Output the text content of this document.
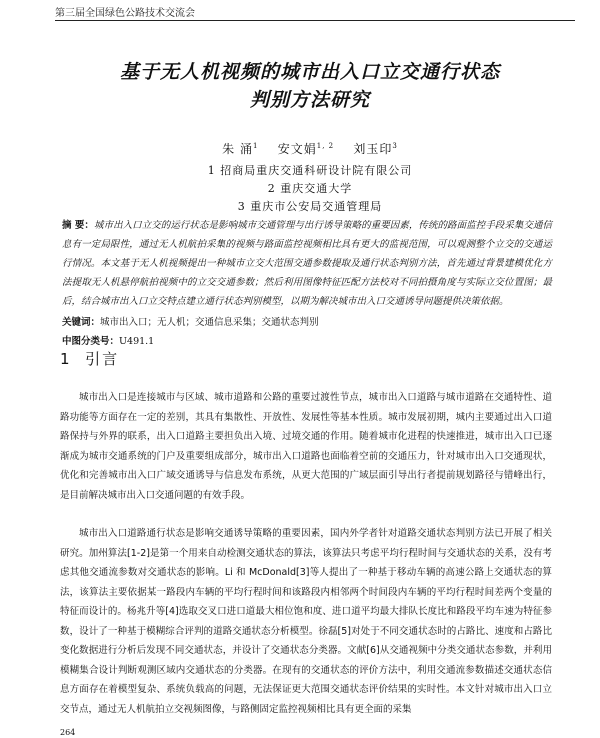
第三届全国绿色公路技术交流会
基于无人机视频的城市出入口立交通行状态
判别方法研究
朱 涌$^1$ 安文娟$^{1, 2}$ 刘玉印$^3$
1 招商局重庆交通科研设计院有限公司
2 重庆交通大学
3 重庆市公安局交通管理局
摘 要：城市出入口立交的运行状态是影响城市交通管理与出行诱导策略的重要因素，传统的路面监控手段采集交通信息有一定局限性，通过无人机航拍采集的视频与路面监控视频相比具有更大的监视范围，可以观测整个立交的交通运行情况。本文基于无人机视频提出一种城市立交大范围交通参数提取及通行状态判别方法，首先通过背景建模优化方法提取无人机悬停航拍视频中的立交交通参数；然后利用图像特征匹配方法校对不同拍摄角度与实际立交位置图；最后，结合城市出入口立交特点建立通行状态判别模型，以期为解决城市出入口交通诱导问题提供决策依据。
关键词：城市出入口；无人机；交通信息采集；交通状态判别
中图分类号：U491.1
1 引言
城市出入口是连接城市与区域、城市道路和公路的重要过渡性节点，城市出入口道路与城市道路在交通特性、道路功能等方面存在一定的差别，其具有集散性、开放性、发展性等基本性质。城市发展初期，城内主要通过出入口道路保持与外界的联系，出入口道路主要担负出入境、过境交通的作用。随着城市化进程的快速推进，城市出入口已逐渐成为城市交通系统的门户及重要组成部分，城市出入口道路也面临着空前的交通压力，针对城市出入口交通现状，优化和完善城市出入口广域交通诱导与信息发布系统，从更大范围的广域层面引导出行者提前规划路径与错峰出行，是目前解决城市出入口交通问题的有效手段。
城市出入口道路通行状态是影响交通诱导策略的重要因素，国内外学者针对道路交通状态判别方法已开展了相关研究。加州算法[1-2]是第一个用来自动检测交通状态的算法，该算法只考虑平均行程时间与交通状态的关系，没有考虑其他交通流参数对交通状态的影响。Li 和 McDonald[3]等人提出了一种基于移动车辆的高速公路上交通状态的算法，该算法主要依据某一路段内车辆的平均行程时间和该路段内相邻两个时间段内车辆的平均行程时间差两个变量的特征而设计的。杨兆升等[4]选取交叉口进口道最大相位饱和度、进口道平均最大排队长度比和路段平均车速为特征参数，设计了一种基于模糊综合评判的道路交通状态分析模型。徐磊[5]对处于不同交通状态时的占路比、速度和占路比变化数据进行分析后发现不同交通状态，并设计了交通状态分类器。文献[6]从交通视频中分类交通状态参数，并利用模糊集合设计判断观测区域内交通状态的分类器。在现有的交通状态的评价方法中，利用交通流参数描述交通状态信息方面存在着模型复杂、系统负载高的问题，无法保证更大范围交通状态评价结果的实时性。本文针对城市出入口立交节点，通过无人机航拍立交视频图像，与路侧固定监控视频相比具有更全面的采集
264
